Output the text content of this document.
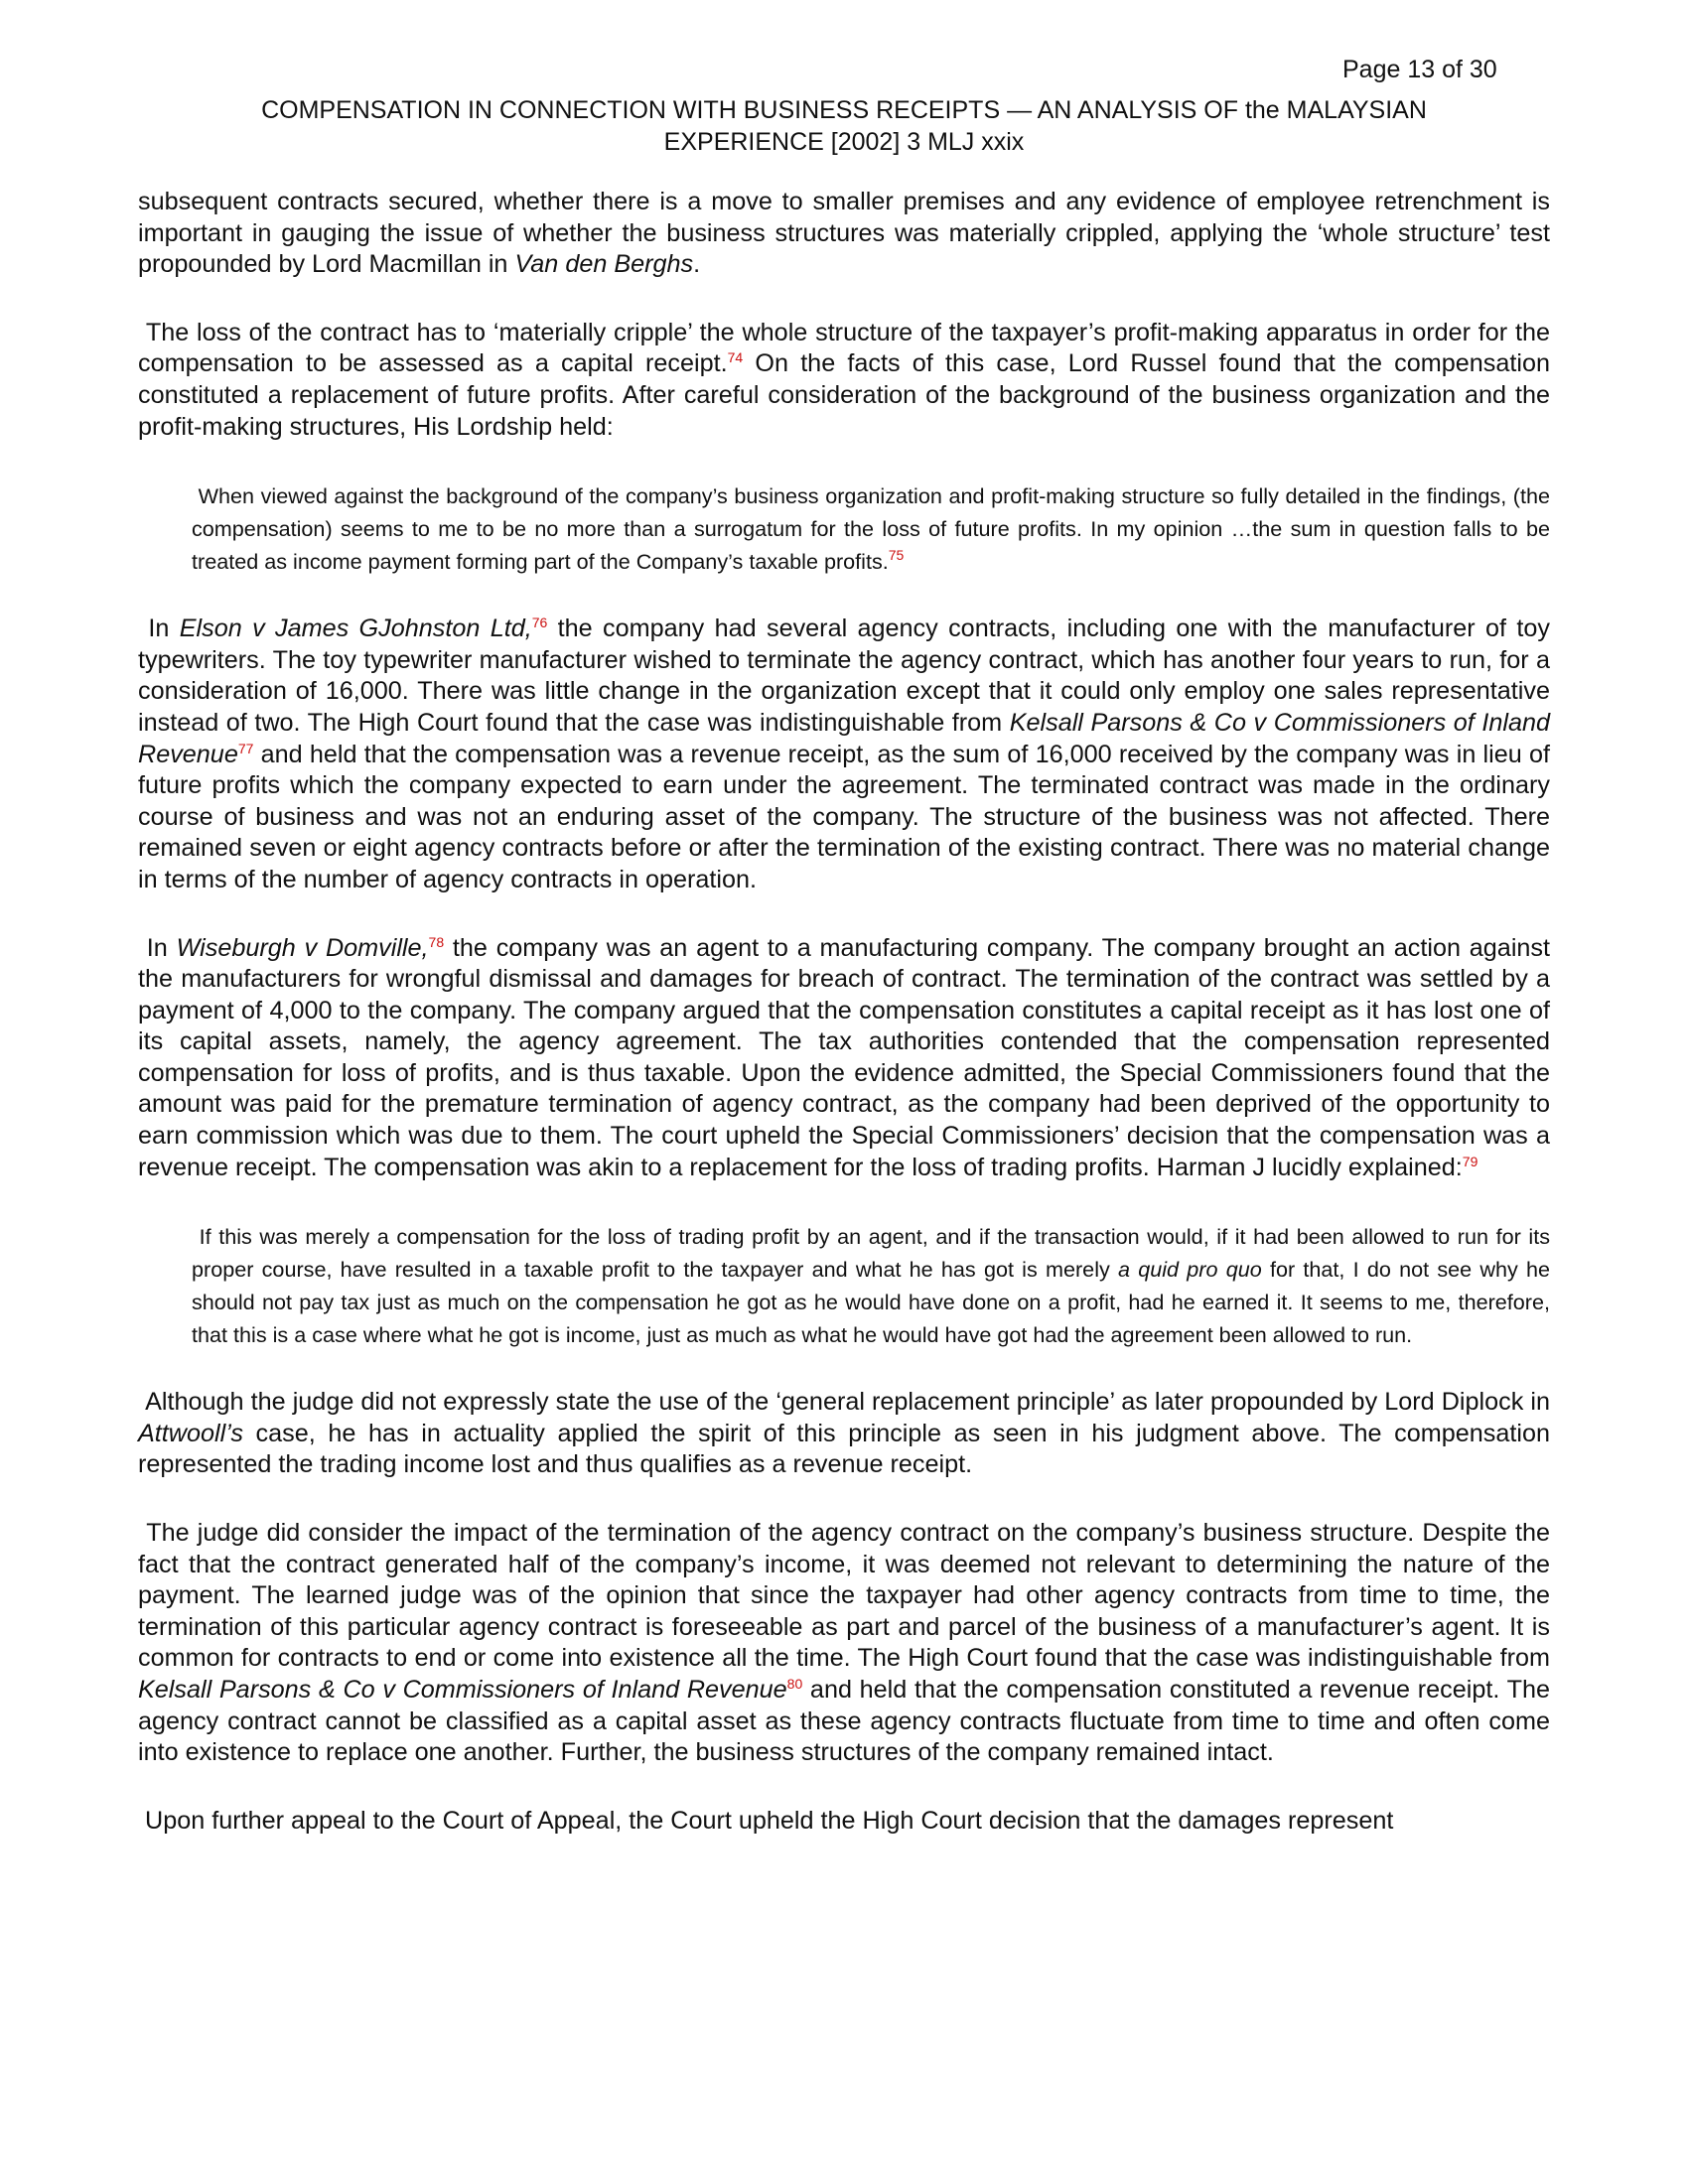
Page 13 of 30
COMPENSATION IN CONNECTION WITH BUSINESS RECEIPTS — AN ANALYSIS OF the MALAYSIAN
EXPERIENCE [2002] 3 MLJ xxix

subsequent contracts secured, whether there is a move to smaller premises and any evidence of employee retrenchment is important in gauging the issue of whether the business structures was materially crippled, applying the ‘whole structure’ test propounded by Lord Macmillan in Van den Berghs.

The loss of the contract has to ‘materially cripple’ the whole structure of the taxpayer’s profit-making apparatus in order for the compensation to be assessed as a capital receipt.$^{74}$ On the facts of this case, Lord Russel found that the compensation constituted a replacement of future profits. After careful consideration of the background of the business organization and the profit-making structures, His Lordship held:

When viewed against the background of the company’s business organization and profit-making structure so fully detailed in the findings, (the compensation) seems to me to be no more than a surrogatum for the loss of future profits. In my opinion …the sum in question falls to be treated as income payment forming part of the Company’s taxable profits.$^{75}$

In Elson v James GJohnston Ltd,$^{76}$ the company had several agency contracts, including one with the manufacturer of toy typewriters. The toy typewriter manufacturer wished to terminate the agency contract, which has another four years to run, for a consideration of 16,000. There was little change in the organization except that it could only employ one sales representative instead of two. The High Court found that the case was indistinguishable from Kelsall Parsons & Co v Commissioners of Inland Revenue$^{77}$ and held that the compensation was a revenue receipt, as the sum of 16,000 received by the company was in lieu of future profits which the company expected to earn under the agreement. The terminated contract was made in the ordinary course of business and was not an enduring asset of the company. The structure of the business was not affected. There remained seven or eight agency contracts before or after the termination of the existing contract. There was no material change in terms of the number of agency contracts in operation.

In Wiseburgh v Domville,$^{78}$ the company was an agent to a manufacturing company. The company brought an action against the manufacturers for wrongful dismissal and damages for breach of contract. The termination of the contract was settled by a payment of 4,000 to the company. The company argued that the compensation constitutes a capital receipt as it has lost one of its capital assets, namely, the agency agreement. The tax authorities contended that the compensation represented compensation for loss of profits, and is thus taxable. Upon the evidence admitted, the Special Commissioners found that the amount was paid for the premature termination of agency contract, as the company had been deprived of the opportunity to earn commission which was due to them. The court upheld the Special Commissioners’ decision that the compensation was a revenue receipt. The compensation was akin to a replacement for the loss of trading profits. Harman J lucidly explained:$^{79}$

If this was merely a compensation for the loss of trading profit by an agent, and if the transaction would, if it had been allowed to run for its proper course, have resulted in a taxable profit to the taxpayer and what he has got is merely a quid pro quo for that, I do not see why he should not pay tax just as much on the compensation he got as he would have done on a profit, had he earned it. It seems to me, therefore, that this is a case where what he got is income, just as much as what he would have got had the agreement been allowed to run.

Although the judge did not expressly state the use of the ‘general replacement principle’ as later propounded by Lord Diplock in Attwooll’s case, he has in actuality applied the spirit of this principle as seen in his judgment above. The compensation represented the trading income lost and thus qualifies as a revenue receipt.

The judge did consider the impact of the termination of the agency contract on the company’s business structure. Despite the fact that the contract generated half of the company’s income, it was deemed not relevant to determining the nature of the payment. The learned judge was of the opinion that since the taxpayer had other agency contracts from time to time, the termination of this particular agency contract is foreseeable as part and parcel of the business of a manufacturer’s agent. It is common for contracts to end or come into existence all the time. The High Court found that the case was indistinguishable from Kelsall Parsons & Co v Commissioners of Inland Revenue$^{80}$ and held that the compensation constituted a revenue receipt. The agency contract cannot be classified as a capital asset as these agency contracts fluctuate from time to time and often come into existence to replace one another. Further, the business structures of the company remained intact.

Upon further appeal to the Court of Appeal, the Court upheld the High Court decision that the damages represent
